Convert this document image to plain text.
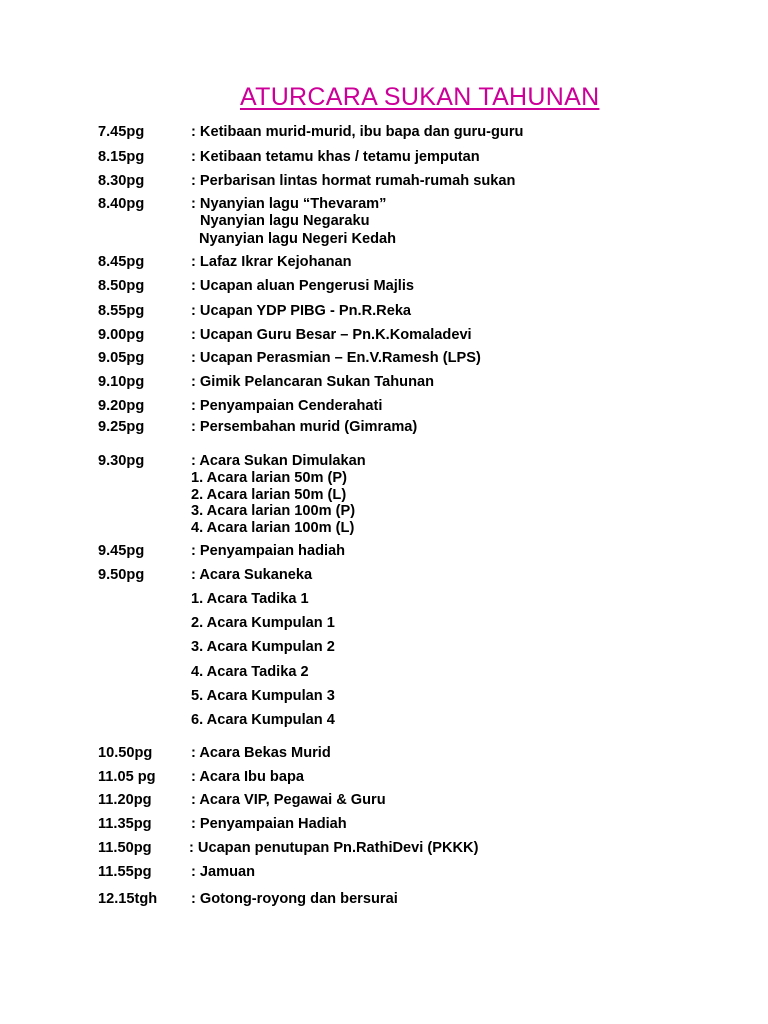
ATURCARA SUKAN TAHUNAN
7.45pg	: Ketibaan murid-murid, ibu bapa dan guru-guru
8.15pg	: Ketibaan tetamu khas / tetamu jemputan
8.30pg	: Perbarisan lintas hormat rumah-rumah sukan
8.40pg	: Nyanyian lagu “Thevaram”
Nyanyian lagu Negaraku
Nyanyian lagu Negeri Kedah
8.45pg	: Lafaz Ikrar Kejohanan
8.50pg	: Ucapan aluan Pengerusi Majlis
8.55pg	: Ucapan YDP PIBG - Pn.R.Reka
9.00pg	: Ucapan Guru Besar – Pn.K.Komaladevi
9.05pg	: Ucapan Perasmian – En.V.Ramesh (LPS)
9.10pg	: Gimik Pelancaran Sukan Tahunan
9.20pg	: Penyampaian Cenderahati
9.25pg	: Persembahan murid (Gimrama)
9.30pg	: Acara Sukan Dimulakan
1. Acara larian 50m (P)
2. Acara larian 50m (L)
3. Acara larian 100m (P)
4. Acara larian 100m (L)
9.45pg	: Penyampaian hadiah
9.50pg	: Acara Sukaneka
1. Acara Tadika 1
2. Acara Kumpulan 1
3. Acara Kumpulan 2
4. Acara Tadika 2
5. Acara Kumpulan 3
6. Acara Kumpulan 4
10.50pg	: Acara Bekas Murid
11.05 pg : Acara Ibu bapa
11.20pg	: Acara VIP, Pegawai & Guru
11.35pg	: Penyampaian Hadiah
11.50pg	: Ucapan penutupan Pn.RathiDevi (PKKK)
11.55pg	: Jamuan
12.15tgh : Gotong-royong dan bersurai
